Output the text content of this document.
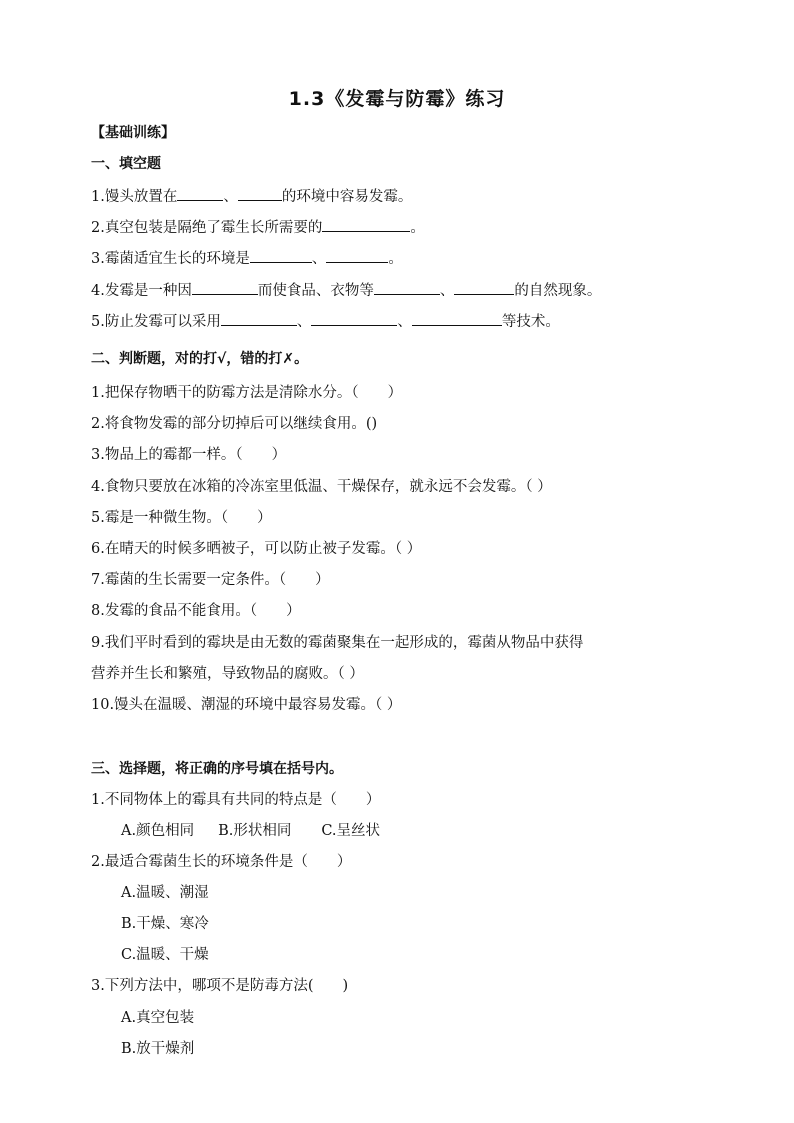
1.3《发霉与防霉》练习
【基础训练】
一、填空题
1.馒头放置在	、	的环境中容易发霉。
2.真空包装是隔绝了霉生长所需要的	。
3.霉菌适宜生长的环境是	、	。
4.发霉是一种因	而使食品、衣物等	、	的自然现象。
5.防止发霉可以采用	、	、	等技术。
二、判断题，对的打√，错的打✗。
1.把保存物晒干的防霉方法是清除水分。（　　）
2.将食物发霉的部分切掉后可以继续食用。()
3.物品上的霉都一样。（　　）
4.食物只要放在冰箱的冷冻室里低温、干燥保存，就永远不会发霉。（ ）
5.霉是一种微生物。（　　）
6.在晴天的时候多晒被子，可以防止被子发霉。（ ）
7.霉菌的生长需要一定条件。（　　）
8.发霉的食品不能食用。（　　）
9.我们平时看到的霉块是由无数的霉菌聚集在一起形成的，霉菌从物品中获得
营养并生长和繁殖，导致物品的腐败。（ ）
10.馒头在温暖、潮湿的环境中最容易发霉。（ ）
三、选择题，将正确的序号填在括号内。
1.不同物体上的霉具有共同的特点是（　　）
A.颜色相同 B.形状相同 C.呈丝状
2.最适合霉菌生长的环境条件是（　　）
A.温暖、潮湿
B.干燥、寒冷
C.温暖、干燥
3.下列方法中，哪项不是防毒方法(　　)
A.真空包装
B.放干燥剂
